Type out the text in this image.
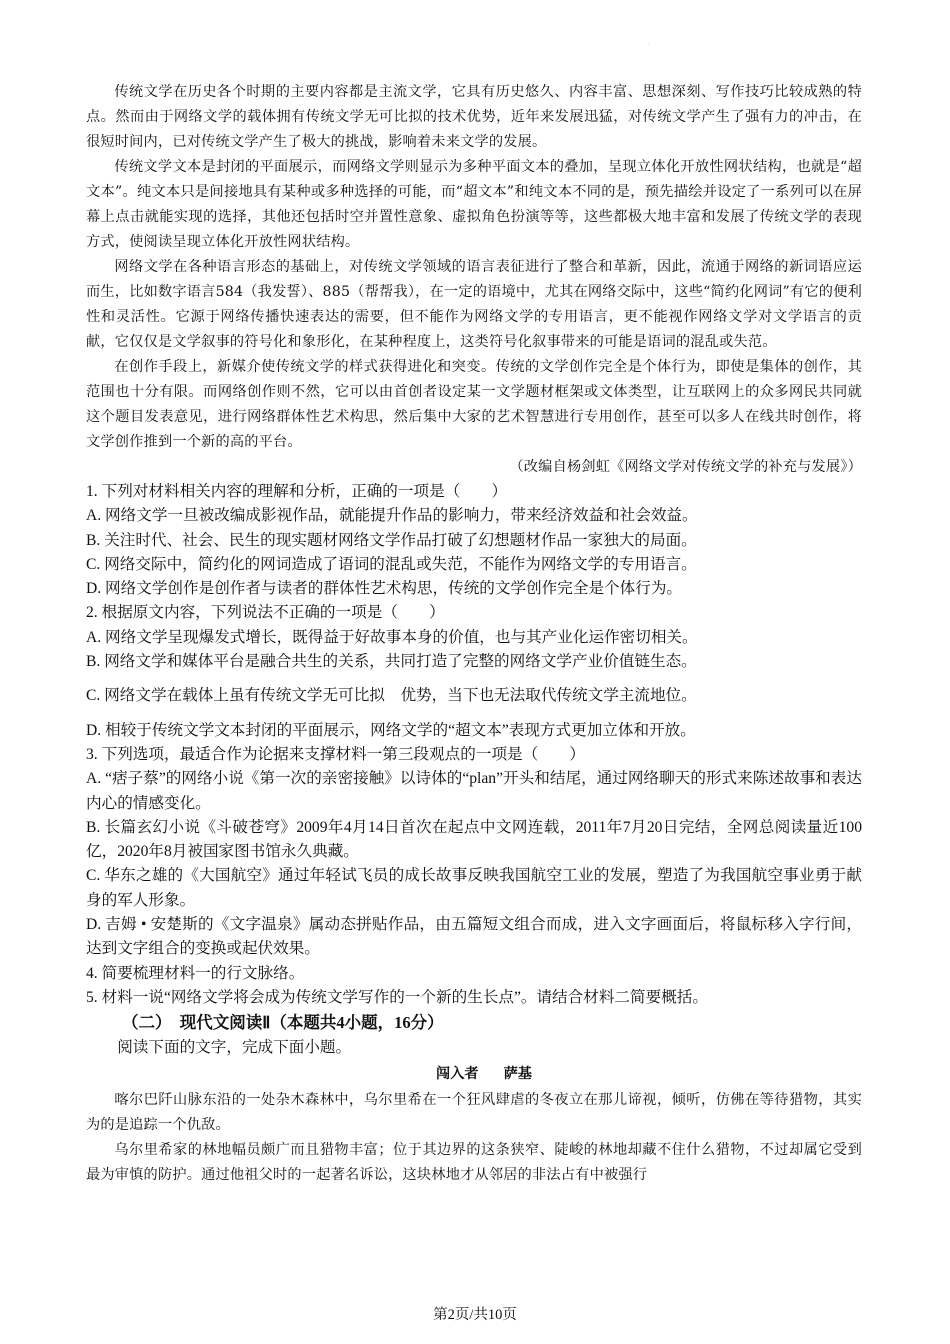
·

传统文学在历史各个时期的主要内容都是主流文学，它具有历史悠久、内容丰富、思想深刻、写作技巧比较成熟的特点。然而由于网络文学的载体拥有传统文学无可比拟的技术优势，近年来发展迅猛，对传统文学产生了强有力的冲击，在很短时间内，已对传统文学产生了极大的挑战，影响着未来文学的发展。

传统文学文本是封闭的平面展示，而网络文学则显示为多种平面文本的叠加，呈现立体化开放性网状结构，也就是“超文本”。纯文本只是间接地具有某种或多种选择的可能，而“超文本”和纯文本不同的是，预先描绘并设定了一系列可以在屏幕上点击就能实现的选择，其他还包括时空并置性意象、虚拟角色扮演等等，这些都极大地丰富和发展了传统文学的表现方式，使阅读呈现立体化开放性网状结构。

网络文学在各种语言形态的基础上，对传统文学领域的语言表征进行了整合和革新，因此，流通于网络的新词语应运而生，比如数字语言584（我发誓）、885（帮帮我），在一定的语境中，尤其在网络交际中，这些“简约化网词”有它的便利性和灵活性。它源于网络传播快速表达的需要，但不能作为网络文学的专用语言，更不能视作网络文学对文学语言的贡献，它仅仅是文学叙事的符号化和象形化，在某种程度上，这类符号化叙事带来的可能是语词的混乱或失范。

在创作手段上，新媒介使传统文学的样式获得进化和突变。传统的文学创作完全是个体行为，即使是集体的创作，其范围也十分有限。而网络创作则不然，它可以由首创者设定某一文学题材框架或文体类型，让互联网上的众多网民共同就这个题目发表意见，进行网络群体性艺术构思，然后集中大家的艺术智慧进行专用创作，甚至可以多人在线共时创作，将文学创作推到一个新的高的平台。

（改编自杨剑虹《网络文学对传统文学的补充与发展》）

1. 下列对材料相关内容的理解和分析，正确的一项是（　　）

A. 网络文学一旦被改编成影视作品，就能提升作品的影响力，带来经济效益和社会效益。

B. 关注时代、社会、民生的现实题材网络文学作品打破了幻想题材作品一家独大的局面。

C. 网络交际中，简约化的网词造成了语词的混乱或失范，不能作为网络文学的专用语言。

D. 网络文学创作是创作者与读者的群体性艺术构思，传统的文学创作完全是个体行为。

2. 根据原文内容，下列说法不正确的一项是（　　）

A. 网络文学呈现爆发式增长，既得益于好故事本身的价值，也与其产业化运作密切相关。

B. 网络文学和媒体平台是融合共生的关系，共同打造了完整的网络文学产业价值链生态。

C. 网络文学在载体上虽有传统文学无可比拟　优势，当下也无法取代传统文学主流地位。

D. 相较于传统文学文本封闭的平面展示，网络文学的“超文本”表现方式更加立体和开放。

3. 下列选项，最适合作为论据来支撑材料一第三段观点的一项是（　　）

A. “痞子蔡”的网络小说《第一次的亲密接触》以诗体的“plan”开头和结尾，通过网络聊天的形式来陈述故事和表达内心的情感变化。

B. 长篇玄幻小说《斗破苍穹》2009年4月14日首次在起点中文网连载，2011年7月20日完结，全网总阅读量近100亿，2020年8月被国家图书馆永久典藏。

C. 华东之雄的《大国航空》通过年轻试飞员的成长故事反映我国航空工业的发展，塑造了为我国航空事业勇于献身的军人形象。

D. 吉姆 • 安楚斯的《文字温泉》属动态拼贴作品，由五篇短文组合而成，进入文字画面后，将鼠标移入字行间，达到文字组合的变换或起伏效果。

4. 简要梳理材料一的行文脉络。

5. 材料一说“网络文学将会成为传统文学写作的一个新的生长点”。请结合材料二简要概括。

（二）　现代文阅读Ⅱ（本题共4小题，16分）

阅读下面的文字，完成下面小题。

闯入者 萨基

喀尔巴阡山脉东沿的一处杂木森林中，乌尔里希在一个狂风肆虐的冬夜立在那儿谛视，倾听，仿佛在等待猎物，其实为的是追踪一个仇敌。

乌尔里希家的林地幅员颇广而且猎物丰富；位于其边界的这条狭窄、陡峻的林地却藏不住什么猎物，不过却属它受到最为审慎的防护。通过他祖父时的一起著名诉讼，这块林地才从邻居的非法占有中被强行

第2页/共10页
